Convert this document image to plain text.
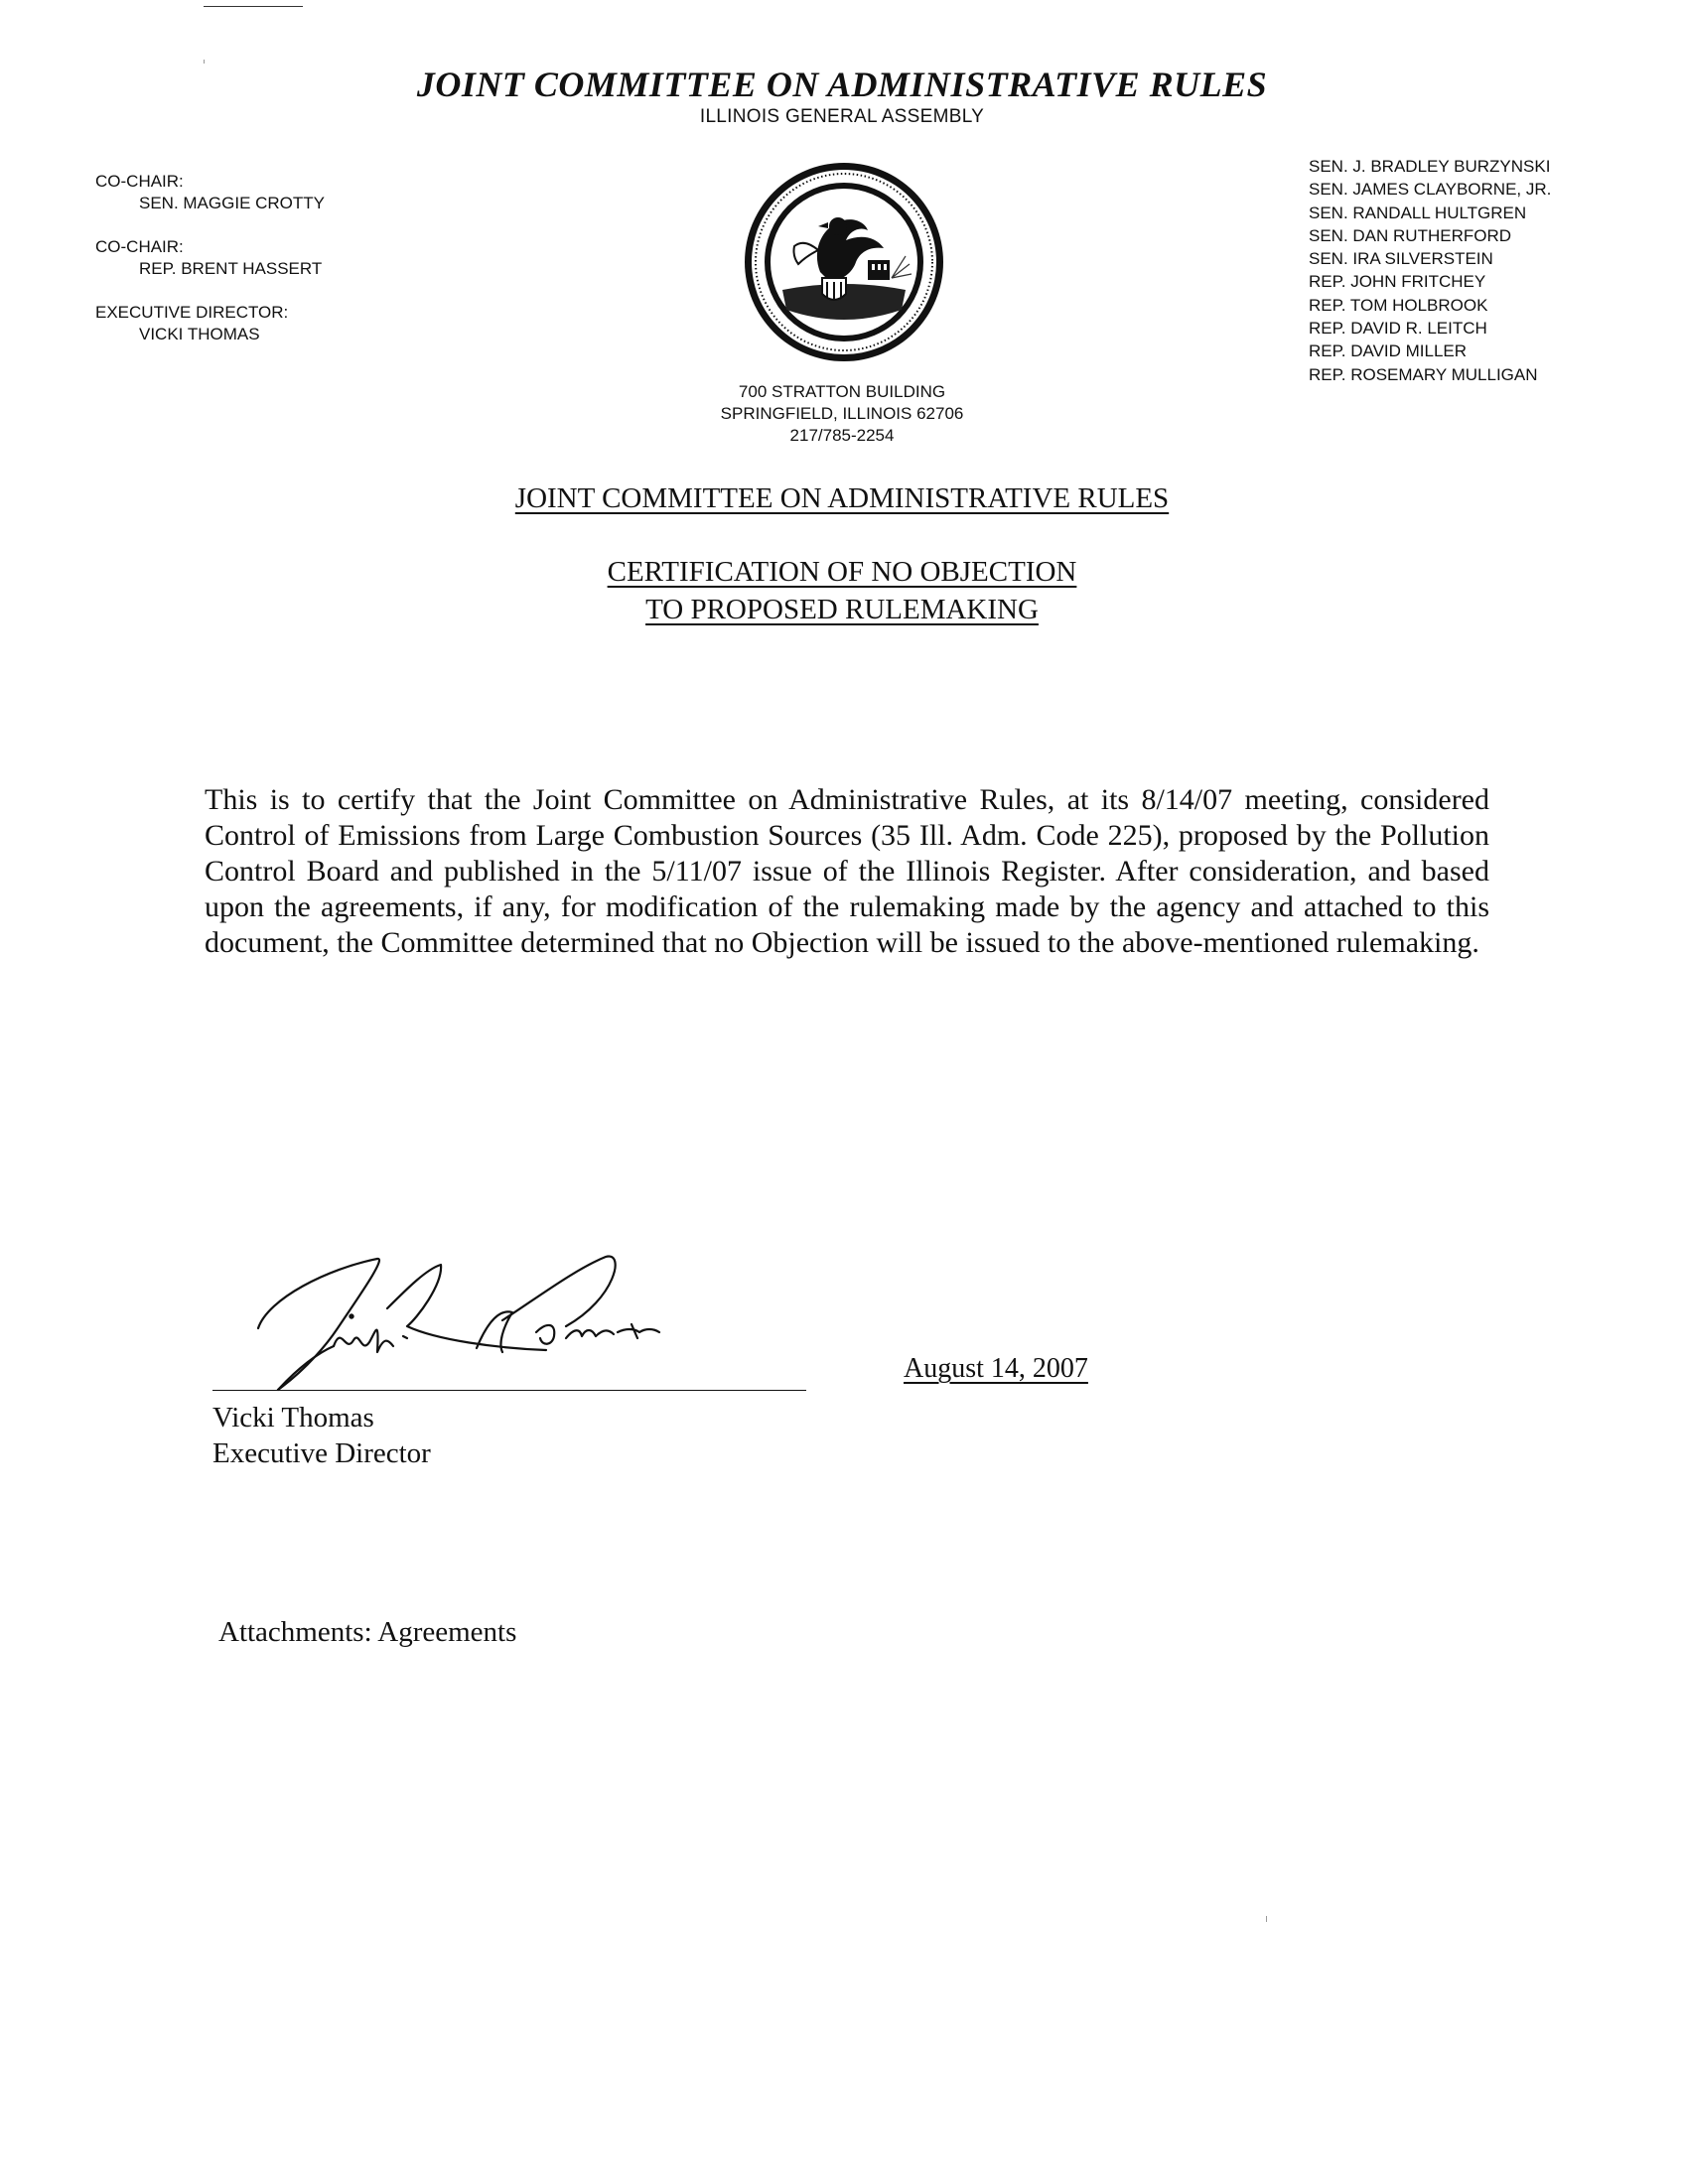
JOINT COMMITTEE ON ADMINISTRATIVE RULES
ILLINOIS GENERAL ASSEMBLY
CO-CHAIR:
SEN. MAGGIE CROTTY
CO-CHAIR:
REP. BRENT HASSERT
EXECUTIVE DIRECTOR:
VICKI THOMAS
SEN. J. BRADLEY BURZYNSKI
SEN. JAMES CLAYBORNE, JR.
SEN. RANDALL HULTGREN
SEN. DAN RUTHERFORD
SEN. IRA SILVERSTEIN
REP. JOHN FRITCHEY
REP. TOM HOLBROOK
REP. DAVID R. LEITCH
REP. DAVID MILLER
REP. ROSEMARY MULLIGAN
700 STRATTON BUILDING
SPRINGFIELD, ILLINOIS 62706
217/785-2254
JOINT COMMITTEE ON ADMINISTRATIVE RULES
CERTIFICATION OF NO OBJECTION
TO PROPOSED RULEMAKING
This is to certify that the Joint Committee on Administrative Rules, at its 8/14/07 meeting, considered Control of Emissions from Large Combustion Sources (35 Ill. Adm. Code 225), proposed by the Pollution Control Board and published in the 5/11/07 issue of the Illinois Register. After consideration, and based upon the agreements, if any, for modification of the rulemaking made by the agency and attached to this document, the Committee determined that no Objection will be issued to the above-mentioned rulemaking.
August 14, 2007
Vicki Thomas
Executive Director
Attachments: Agreements
